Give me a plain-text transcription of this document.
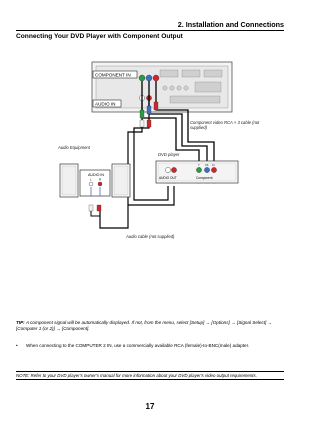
2. Installation and Connections
Connecting Your DVD Player with Component Output
COMPONENT IN
AUDIO IN
AUDIO IN
L R
Y Cb Cr
AUDIO OUT	Component
Component video RCA × 3 cable (not supplied)
Audio Equipment
DVD player
Audio cable (not supplied)
TIP: A component signal will be automatically displayed. If not, from the menu, select [Setup] → [Options] → [Signal Select] → [Computer 1 (or 2)] → [Component].
•	When connecting to the COMPUTER 2 IN, use a commercially available RCA (female)-to-BNC(male) adapter.
NOTE: Refer to your DVD player's owner's manual for more information about your DVD player's video output requirements.
17
